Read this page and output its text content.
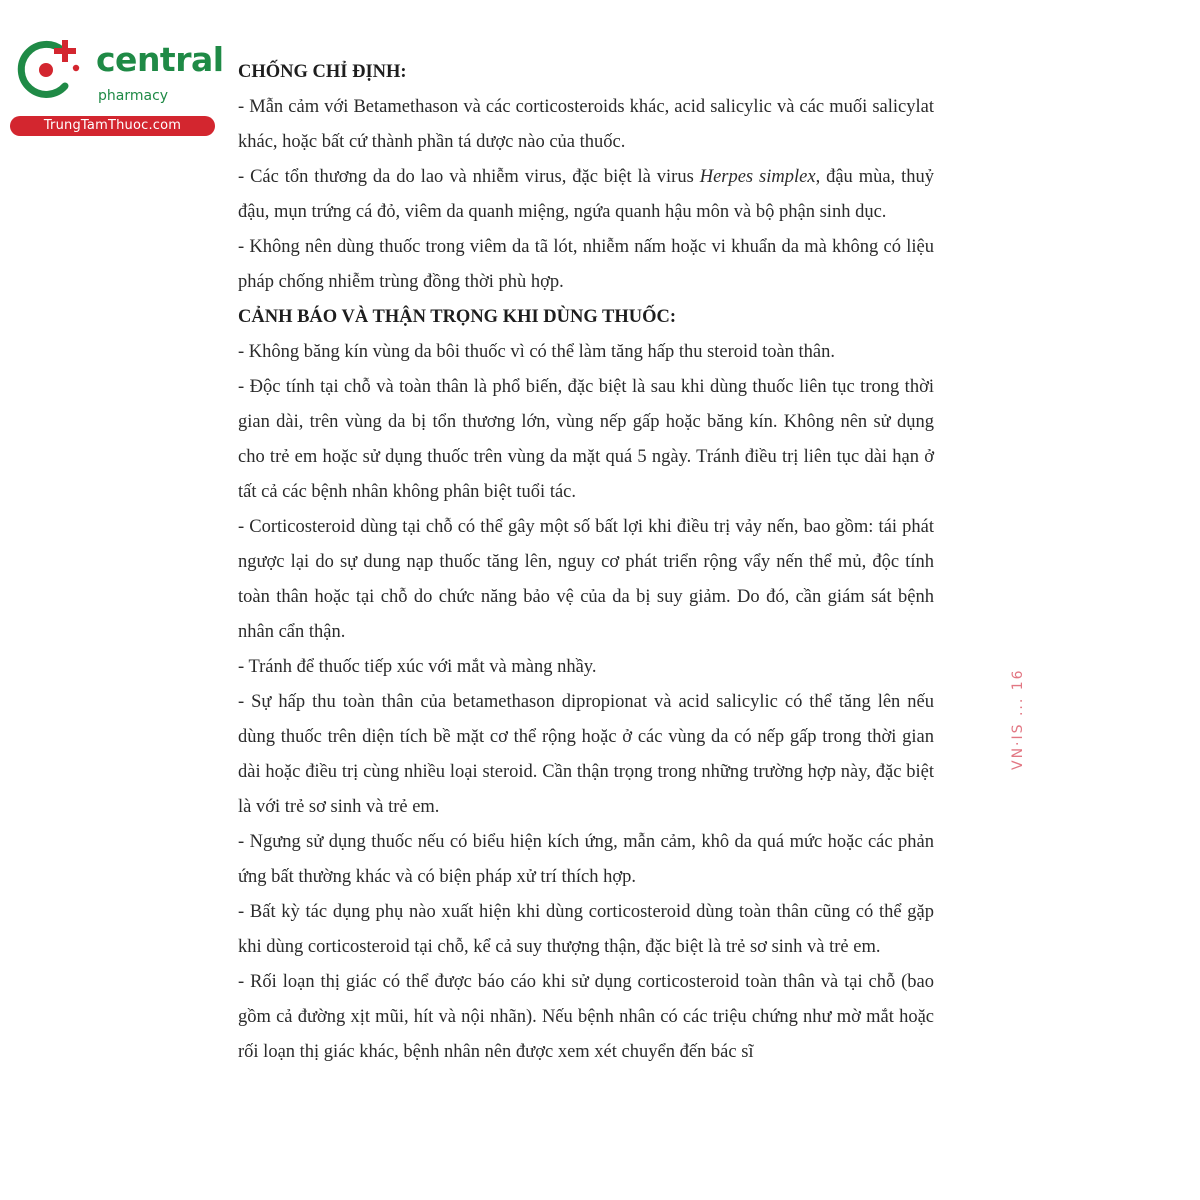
central
pharmacy
TrungTamThuoc.com
CHỐNG CHỈ ĐỊNH:

- Mẫn cảm với Betamethason và các corticosteroids khác, acid salicylic và các muối salicylat khác, hoặc bất cứ thành phần tá dược nào của thuốc.

- Các tổn thương da do lao và nhiễm virus, đặc biệt là virus Herpes simplex, đậu mùa, thuỷ đậu, mụn trứng cá đỏ, viêm da quanh miệng, ngứa quanh hậu môn và bộ phận sinh dục.

- Không nên dùng thuốc trong viêm da tã lót, nhiễm nấm hoặc vi khuẩn da mà không có liệu pháp chống nhiễm trùng đồng thời phù hợp.

CẢNH BÁO VÀ THẬN TRỌNG KHI DÙNG THUỐC:

- Không băng kín vùng da bôi thuốc vì có thể làm tăng hấp thu steroid toàn thân.

- Độc tính tại chỗ và toàn thân là phổ biến, đặc biệt là sau khi dùng thuốc liên tục trong thời gian dài, trên vùng da bị tổn thương lớn, vùng nếp gấp hoặc băng kín. Không nên sử dụng cho trẻ em hoặc sử dụng thuốc trên vùng da mặt quá 5 ngày. Tránh điều trị liên tục dài hạn ở tất cả các bệnh nhân không phân biệt tuổi tác.

- Corticosteroid dùng tại chỗ có thể gây một số bất lợi khi điều trị vảy nến, bao gồm: tái phát ngược lại do sự dung nạp thuốc tăng lên, nguy cơ phát triển rộng vẩy nến thể mủ, độc tính toàn thân hoặc tại chỗ do chức năng bảo vệ của da bị suy giảm. Do đó, cần giám sát bệnh nhân cẩn thận.

- Tránh để thuốc tiếp xúc với mắt và màng nhầy.

- Sự hấp thu toàn thân của betamethason dipropionat và acid salicylic có thể tăng lên nếu dùng thuốc trên diện tích bề mặt cơ thể rộng hoặc ở các vùng da có nếp gấp trong thời gian dài hoặc điều trị cùng nhiều loại steroid. Cần thận trọng trong những trường hợp này, đặc biệt là với trẻ sơ sinh và trẻ em.

- Ngưng sử dụng thuốc nếu có biểu hiện kích ứng, mẫn cảm, khô da quá mức hoặc các phản ứng bất thường khác và có biện pháp xử trí thích hợp.

- Bất kỳ tác dụng phụ nào xuất hiện khi dùng corticosteroid dùng toàn thân cũng có thể gặp khi dùng corticosteroid tại chỗ, kể cả suy thượng thận, đặc biệt là trẻ sơ sinh và trẻ em.

- Rối loạn thị giác có thể được báo cáo khi sử dụng corticosteroid toàn thân và tại chỗ (bao gồm cả đường xịt mũi, hít và nội nhãn). Nếu bệnh nhân có các triệu chứng như mờ mắt hoặc rối loạn thị giác khác, bệnh nhân nên được xem xét chuyển đến bác sĩ

VN·IS ... 16
